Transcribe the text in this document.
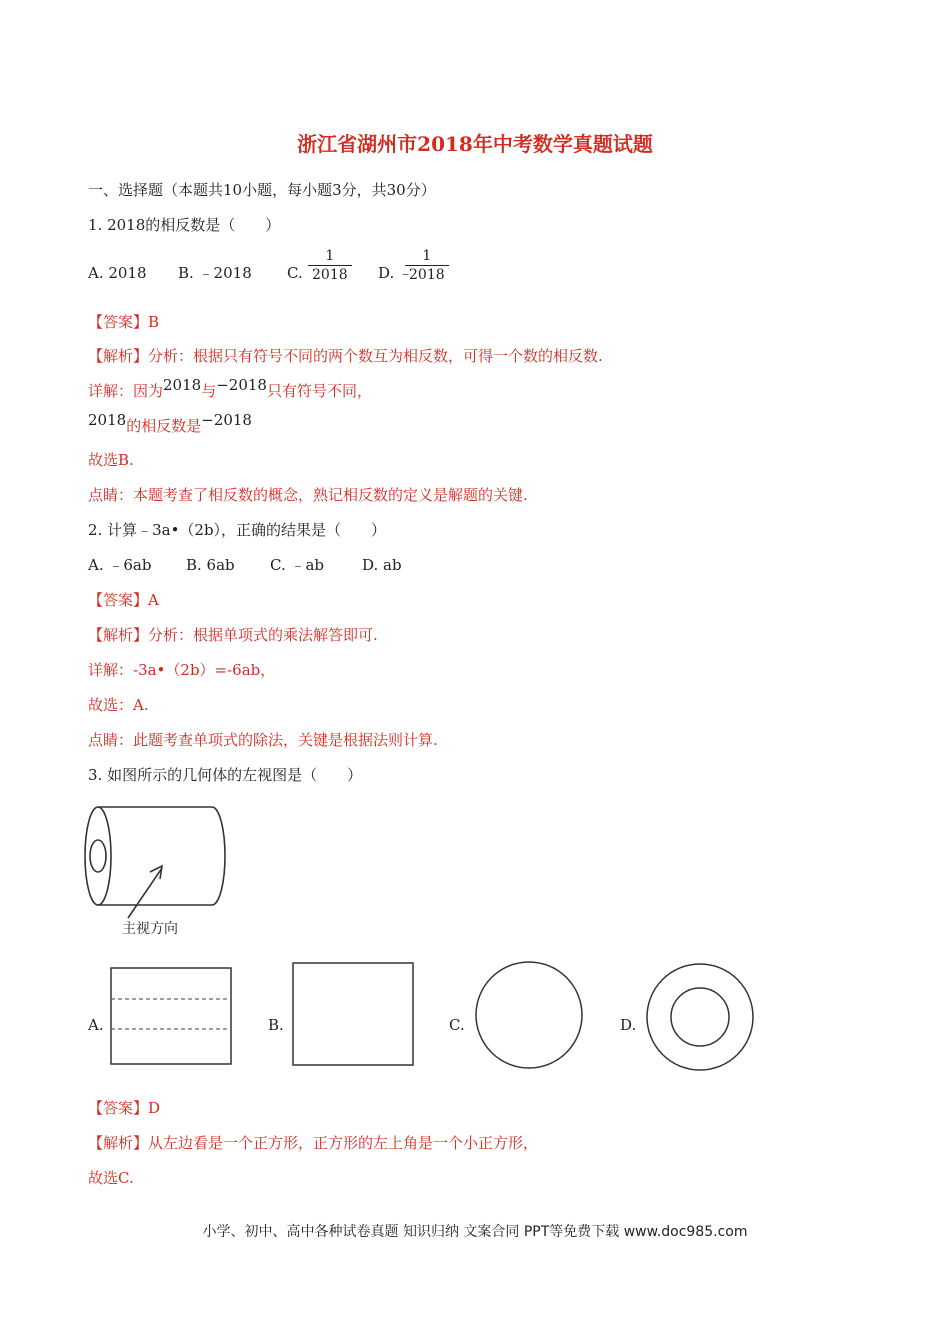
浙江省湖州市2018年中考数学真题试题
一、选择题（本题共10小题，每小题3分，共30分）
1. 2018的相反数是（　　）
A. 2018 B. ﹣2018 C. $\frac{1}{2018} D$. ﹣
$\frac{1}{2018}$
【答案】B
【解析】分析：根据只有符号不同的两个数互为相反数，可得一个数的相反数.
详解：因为2018与−2018只有符号不同，
2018的相反数是−2018
故选B.
点睛：本题考查了相反数的概念，熟记相反数的定义是解题的关键.
2. 计算﹣3a•（2b），正确的结果是（　　）
A. ﹣6ab B. 6ab C. ﹣ab	D. ab
【答案】A
【解析】分析：根据单项式的乘法解答即可.
详解：-3a•（2b）=-6ab，
故选：A.
点睛：此题考查单项式的除法，关键是根据法则计算.
3. 如图所示的几何体的左视图是（　　）
主视方向
A.	B.	C.	D.
【答案】D
【解析】从左边看是一个正方形，正方形的左上角是一个小正方形，
故选C.
小学、初中、高中各种试卷真题 知识归纳 文案合同 PPT等免费下载 www.doc985.com
